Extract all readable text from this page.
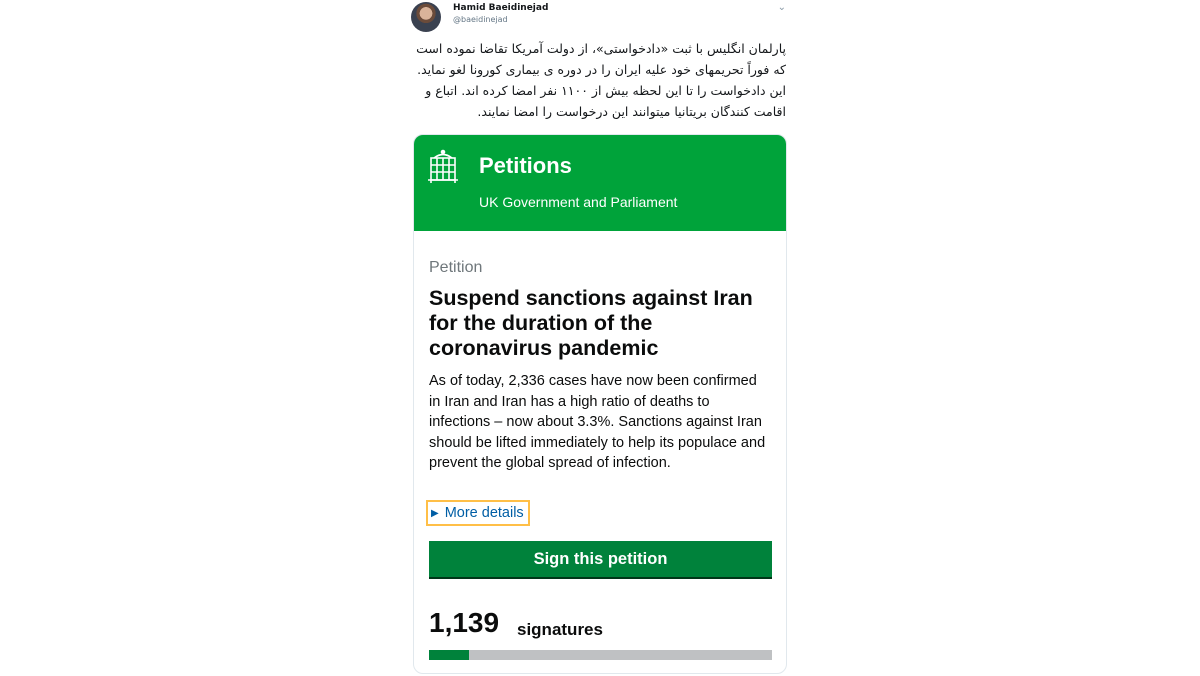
Hamid Baeidinejad
@baeidinejad
⌄
پارلمان انگلیس با ثبت «دادخواستی»، از دولت آمریکا تقاضا نموده است که فوراً تحریمهای خود علیه ایران را در دوره ی بیماری کورونا لغو نماید. این دادخواست را تا این لحظه بیش از ۱۱۰۰ نفر امضا کرده اند. اتباع و اقامت کنندگان بریتانیا میتوانند این درخواست را امضا نمایند.
Petitions
UK Government and Parliament
Petition
Suspend sanctions against Iran for the duration of the coronavirus pandemic
As of today, 2,336 cases have now been confirmed in Iran and Iran has a high ratio of deaths to infections – now about 3.3%. Sanctions against Iran should be lifted immediately to help its populace and prevent the global spread of infection.
▶ More details
Sign this petition
1,139 signatures
